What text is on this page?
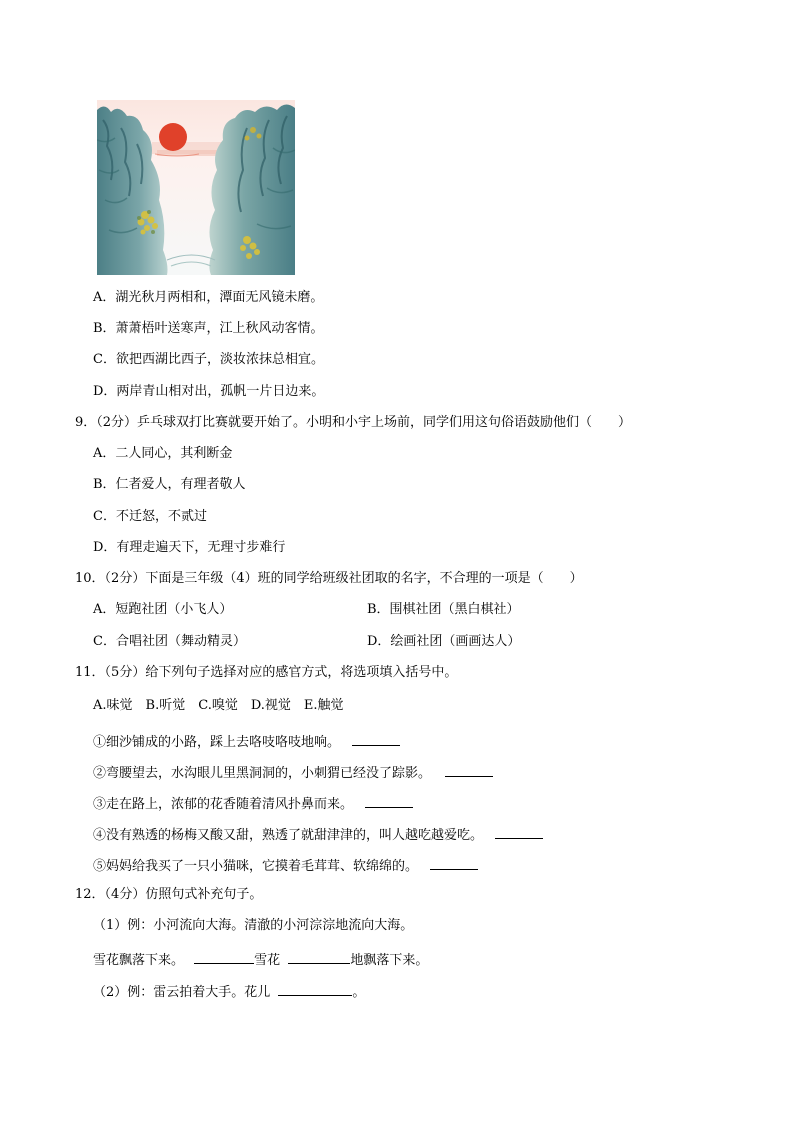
A．湖光秋月两相和，潭面无风镜未磨。
B．萧萧梧叶送寒声，江上秋风动客情。
C．欲把西湖比西子，淡妆浓抹总相宜。
D．两岸青山相对出，孤帆一片日边来。
9．（2分）乒乓球双打比赛就要开始了。小明和小宇上场前，同学们用这句俗语鼓励他们（　　）
A．二人同心，其利断金
B．仁者爱人，有理者敬人
C．不迁怒，不贰过
D．有理走遍天下，无理寸步难行
10．（2分）下面是三年级（4）班的同学给班级社团取的名字，不合理的一项是（　　）
A．短跑社团（小飞人）	B．围棋社团（黑白棋社）
C．合唱社团（舞动精灵）	D．绘画社团（画画达人）
11．（5分）给下列句子选择对应的感官方式，将选项填入括号中。
A.味觉　B.听觉　C.嗅觉　D.视觉　E.触觉
①细沙铺成的小路，踩上去咯吱咯吱地响。
②弯腰望去，水沟眼儿里黑洞洞的，小刺猬已经没了踪影。
③走在路上，浓郁的花香随着清风扑鼻而来。
④没有熟透的杨梅又酸又甜，熟透了就甜津津的，叫人越吃越爱吃。
⑤妈妈给我买了一只小猫咪，它摸着毛茸茸、软绵绵的。
12．（4分）仿照句式补充句子。
（1）例：小河流向大海。清澈的小河淙淙地流向大海。
雪花飘落下来。	雪花	地飘落下来。
（2）例：雷云拍着大手。花儿	。
